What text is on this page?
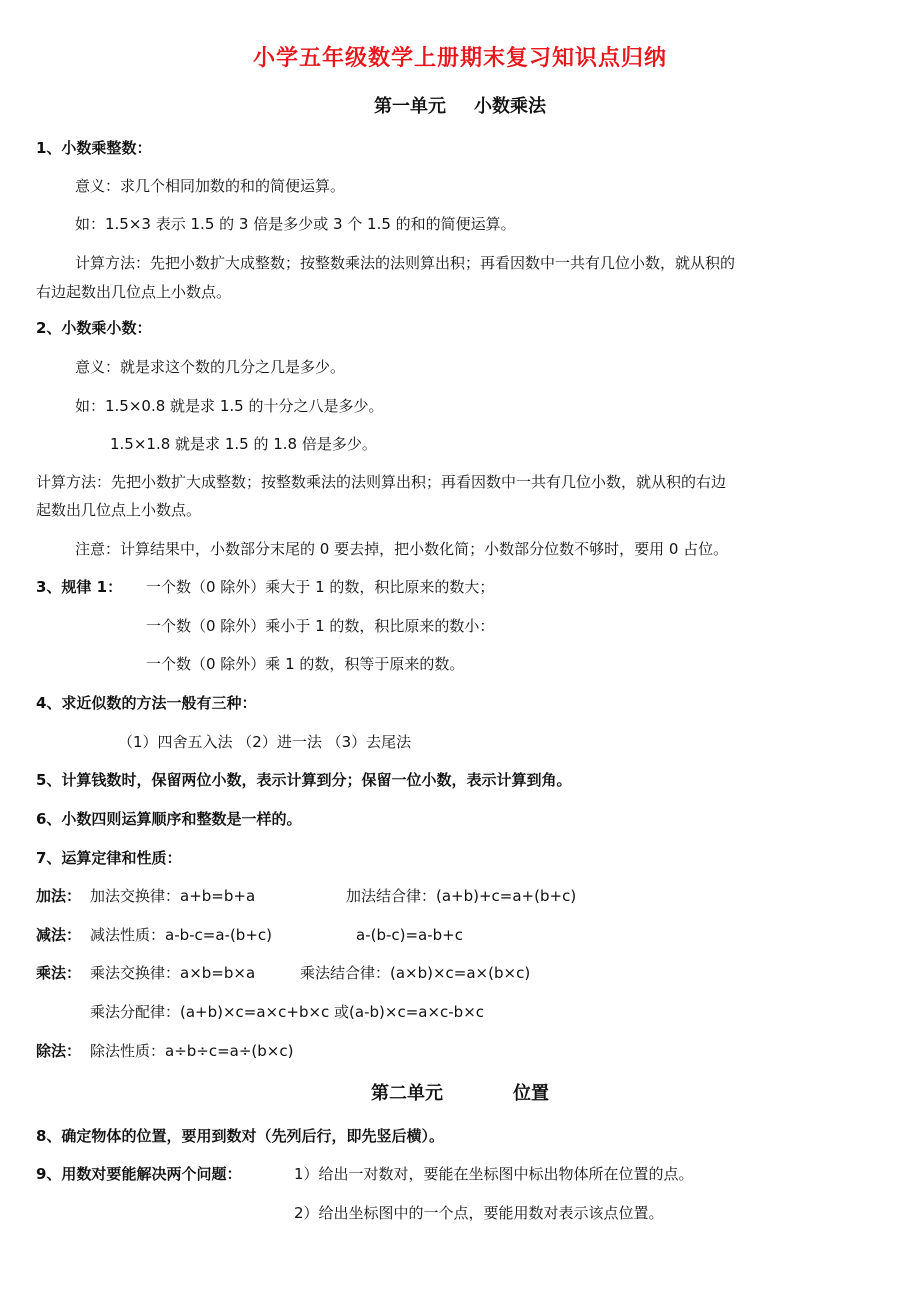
小学五年级数学上册期末复习知识点归纳
第一单元 小数乘法
1、小数乘整数：
意义：求几个相同加数的和的简便运算。
如：1.5×3 表示 1.5 的 3 倍是多少或 3 个 1.5 的和的简便运算。
计算方法：先把小数扩大成整数；按整数乘法的法则算出积；再看因数中一共有几位小数，就从积的
右边起数出几位点上小数点。
2、小数乘小数：
意义：就是求这个数的几分之几是多少。
如：1.5×0.8 就是求 1.5 的十分之八是多少。
1.5×1.8 就是求 1.5 的 1.8 倍是多少。
计算方法：先把小数扩大成整数；按整数乘法的法则算出积；再看因数中一共有几位小数，就从积的右边
起数出几位点上小数点。
注意：计算结果中，小数部分末尾的 0 要去掉，把小数化简；小数部分位数不够时，要用 0 占位。
3、规律 1： 一个数（0 除外）乘大于 1 的数，积比原来的数大；
一个数（0 除外）乘小于 1 的数，积比原来的数小：
一个数（0 除外）乘 1 的数，积等于原来的数。
4、求近似数的方法一般有三种：
（1）四舍五入法 （2）进一法 （3）去尾法
5、计算钱数时，保留两位小数，表示计算到分；保留一位小数，表示计算到角。
6、小数四则运算顺序和整数是一样的。
7、运算定律和性质：
加法： 加法交换律：a+b=b+a	加法结合律：(a+b)+c=a+(b+c)
减法： 减法性质：a-b-c=a-(b+c)	a-(b-c)=a-b+c
乘法： 乘法交换律：a×b=b×a	乘法结合律：(a×b)×c=a×(b×c)
乘法分配律：(a+b)×c=a×c+b×c 或(a-b)×c=a×c-b×c
除法： 除法性质：a÷b÷c=a÷(b×c)
第二单元	位置
8、确定物体的位置，要用到数对（先列后行，即先竖后横）。
9、用数对要能解决两个问题：	1）给出一对数对，要能在坐标图中标出物体所在位置的点。
2）给出坐标图中的一个点，要能用数对表示该点位置。
